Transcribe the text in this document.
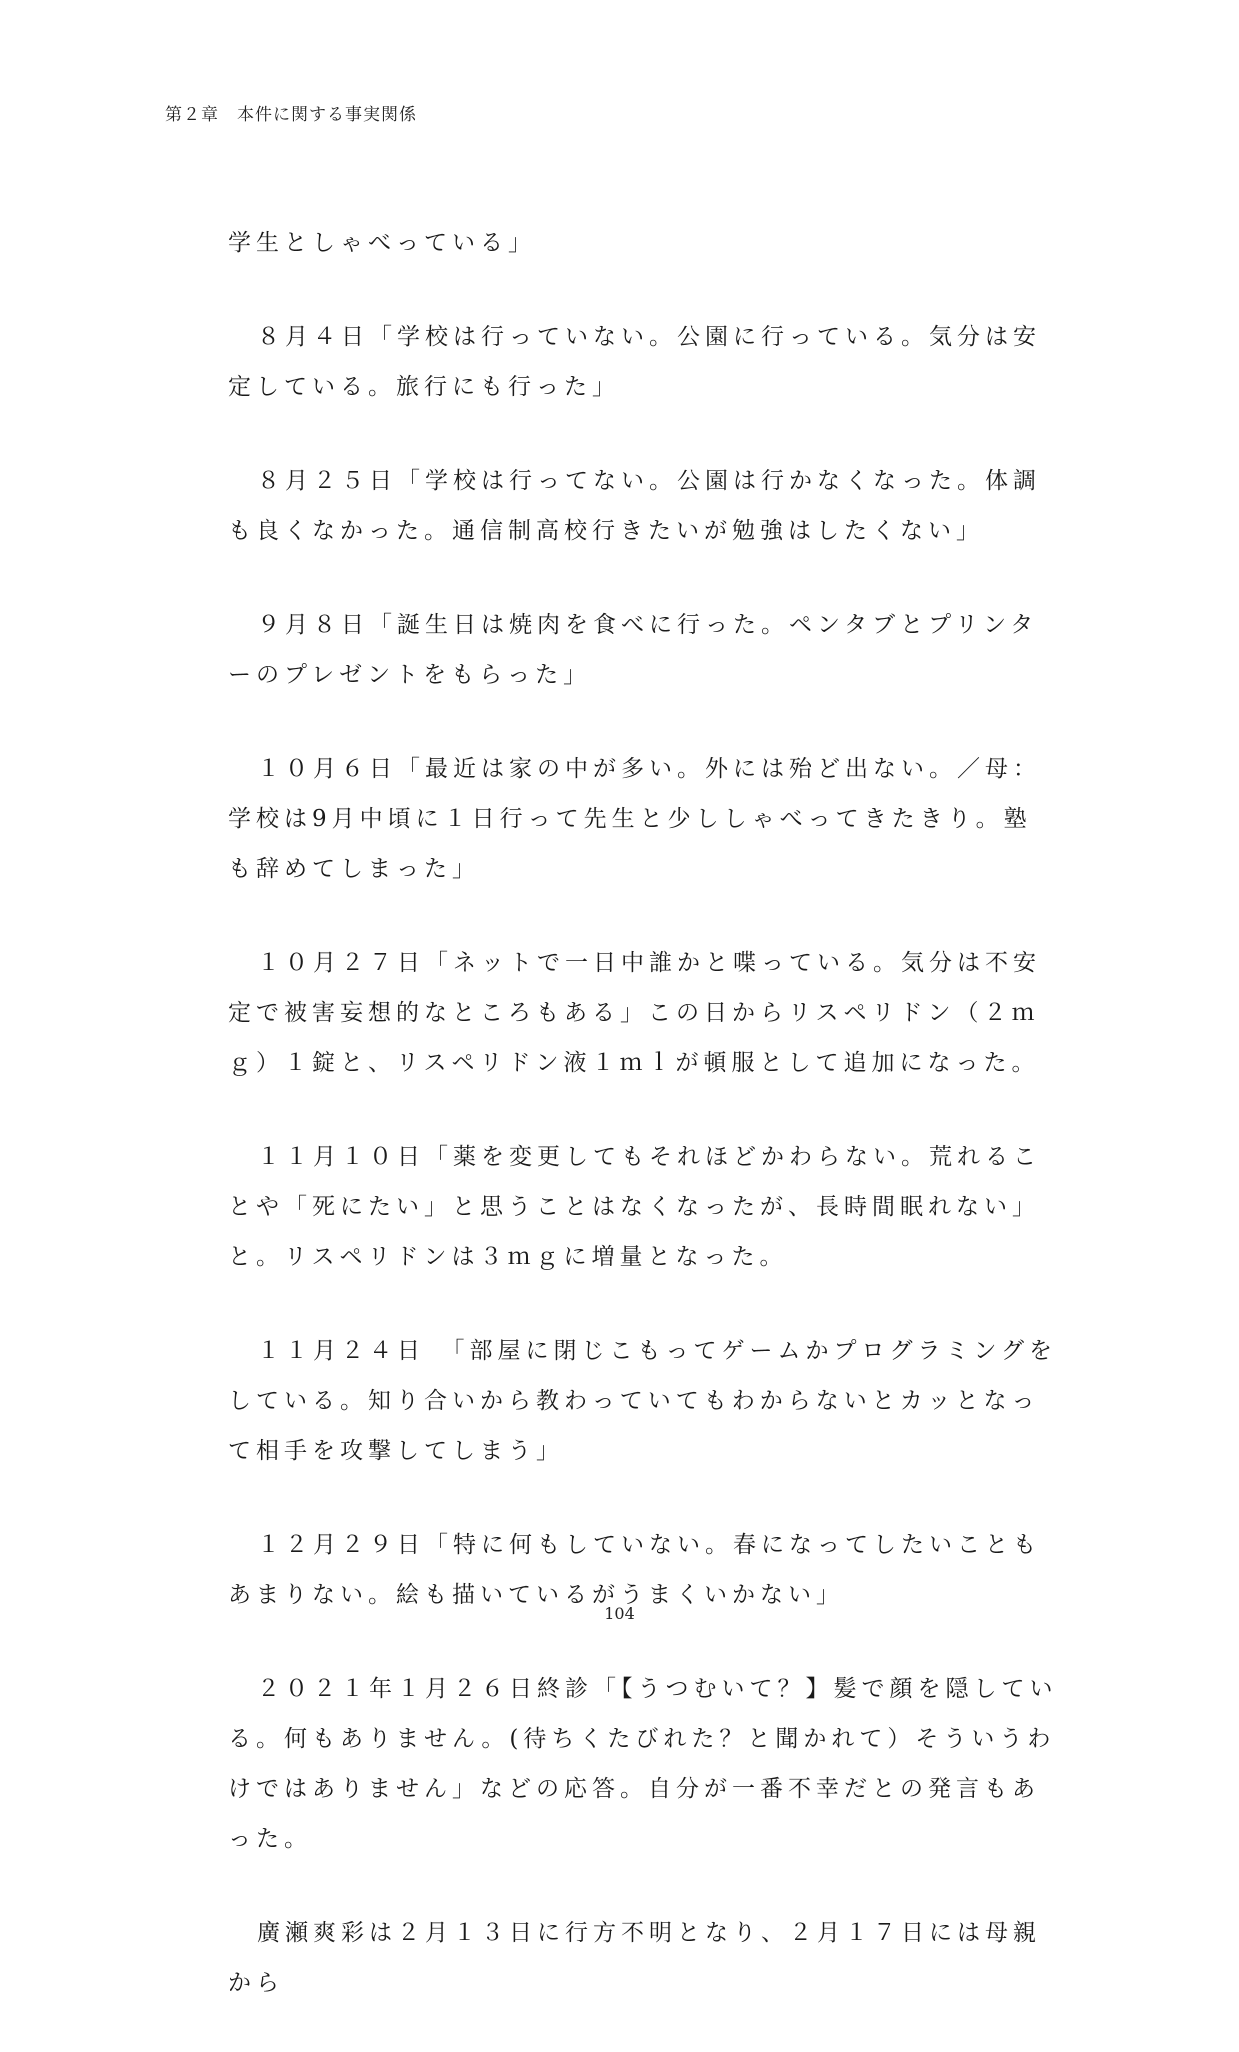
第２章　本件に関する事実関係

学生としゃべっている」

８月４日「学校は行っていない。公園に行っている。気分は安定している。旅行にも行った」

８月２５日「学校は行ってない。公園は行かなくなった。体調も良くなかった。通信制高校行きたいが勉強はしたくない」

９月８日「誕生日は焼肉を食べに行った。ペンタブとプリンターのプレゼントをもらった」

１０月６日「最近は家の中が多い。外には殆ど出ない。／母：学校は9月中頃に１日行って先生と少ししゃべってきたきり。塾も辞めてしまった」

１０月２７日「ネットで一日中誰かと喋っている。気分は不安定で被害妄想的なところもある」この日からリスペリドン（２ｍｇ）１錠と、リスペリドン液１ｍｌが頓服として追加になった。

１１月１０日「薬を変更してもそれほどかわらない。荒れることや「死にたい」と思うことはなくなったが、長時間眠れない」と。リスペリドンは３ｍｇに増量となった。

１１月２４日　「部屋に閉じこもってゲームかプログラミングをしている。知り合いから教わっていてもわからないとカッとなって相手を攻撃してしまう」

１２月２９日「特に何もしていない。春になってしたいこともあまりない。絵も描いているがうまくいかない」

２０２１年１月２６日終診「【うつむいて？】髪で顔を隠している。何もありません。(待ちくたびれた？と聞かれて）そういうわけではありません」などの応答。自分が一番不幸だとの発言もあった。

廣瀬爽彩は２月１３日に行方不明となり、２月１７日には母親から

104
